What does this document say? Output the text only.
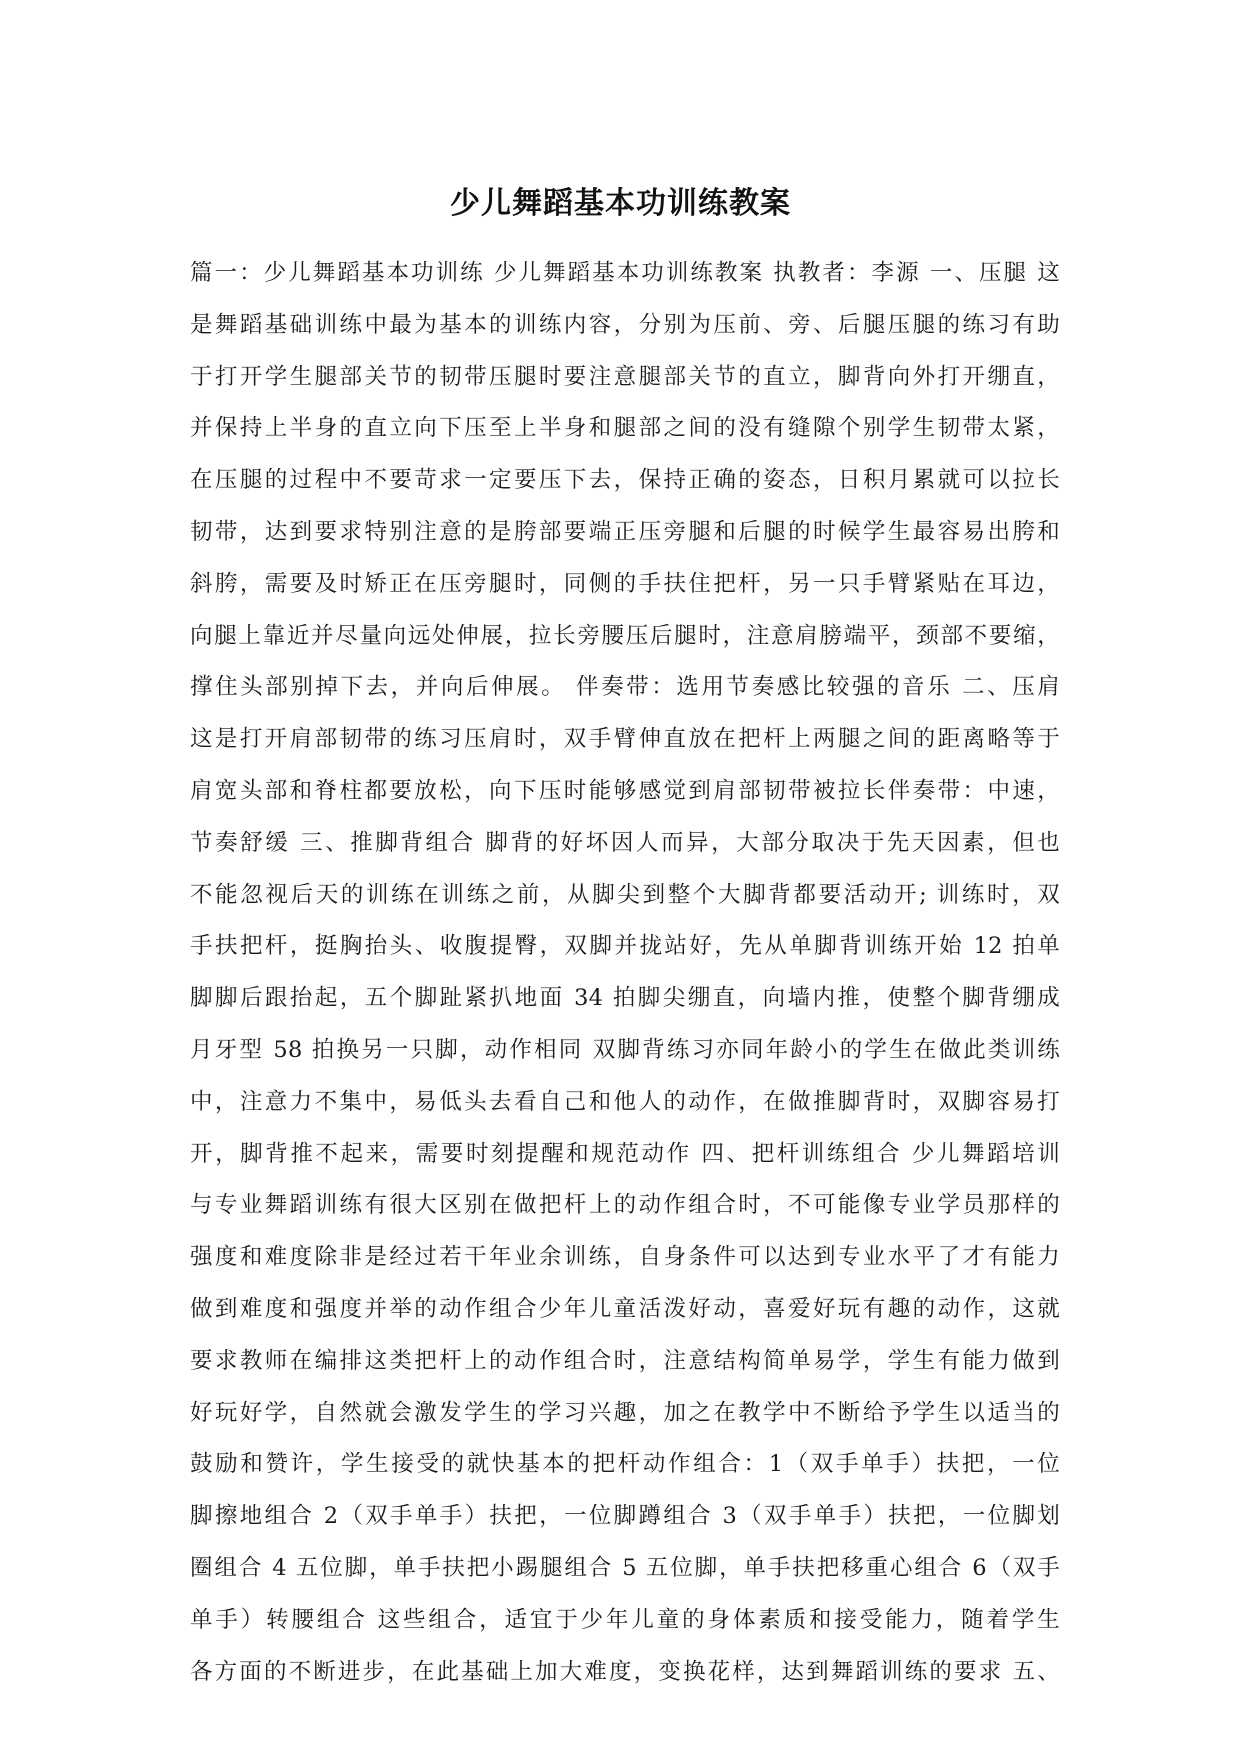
少儿舞蹈基本功训练教案
篇一：少儿舞蹈基本功训练 少儿舞蹈基本功训练教案 执教者：李源 一、压腿 这
是舞蹈基础训练中最为基本的训练内容，分别为压前、旁、后腿压腿的练习有助
于打开学生腿部关节的韧带压腿时要注意腿部关节的直立，脚背向外打开绷直，
并保持上半身的直立向下压至上半身和腿部之间的没有缝隙个别学生韧带太紧，
在压腿的过程中不要苛求一定要压下去，保持正确的姿态，日积月累就可以拉长
韧带，达到要求特别注意的是胯部要端正压旁腿和后腿的时候学生最容易出胯和
斜胯，需要及时矫正在压旁腿时，同侧的手扶住把杆，另一只手臂紧贴在耳边，
向腿上靠近并尽量向远处伸展，拉长旁腰压后腿时，注意肩膀端平，颈部不要缩，
撑住头部别掉下去，并向后伸展。 伴奏带：选用节奏感比较强的音乐 二、压肩
这是打开肩部韧带的练习压肩时，双手臂伸直放在把杆上两腿之间的距离略等于
肩宽头部和脊柱都要放松，向下压时能够感觉到肩部韧带被拉长伴奏带：中速，
节奏舒缓 三、推脚背组合 脚背的好坏因人而异，大部分取决于先天因素，但也
不能忽视后天的训练在训练之前，从脚尖到整个大脚背都要活动开; 训练时，双
手扶把杆，挺胸抬头、收腹提臀，双脚并拢站好，先从单脚背训练开始 12 拍单
脚脚后跟抬起，五个脚趾紧扒地面 34 拍脚尖绷直，向墙内推，使整个脚背绷成
月牙型 58 拍换另一只脚，动作相同 双脚背练习亦同年龄小的学生在做此类训练
中，注意力不集中，易低头去看自己和他人的动作，在做推脚背时，双脚容易打
开，脚背推不起来，需要时刻提醒和规范动作 四、把杆训练组合 少儿舞蹈培训
与专业舞蹈训练有很大区别在做把杆上的动作组合时，不可能像专业学员那样的
强度和难度除非是经过若干年业余训练，自身条件可以达到专业水平了才有能力
做到难度和强度并举的动作组合少年儿童活泼好动，喜爱好玩有趣的动作，这就
要求教师在编排这类把杆上的动作组合时，注意结构简单易学，学生有能力做到
好玩好学，自然就会激发学生的学习兴趣，加之在教学中不断给予学生以适当的
鼓励和赞许，学生接受的就快基本的把杆动作组合：1（双手单手）扶把，一位
脚擦地组合 2（双手单手）扶把，一位脚蹲组合 3（双手单手）扶把，一位脚划
圈组合 4 五位脚，单手扶把小踢腿组合 5 五位脚，单手扶把移重心组合 6（双手
单手）转腰组合 这些组合，适宜于少年儿童的身体素质和接受能力，随着学生
各方面的不断进步，在此基础上加大难度，变换花样，达到舞蹈训练的要求 五、
